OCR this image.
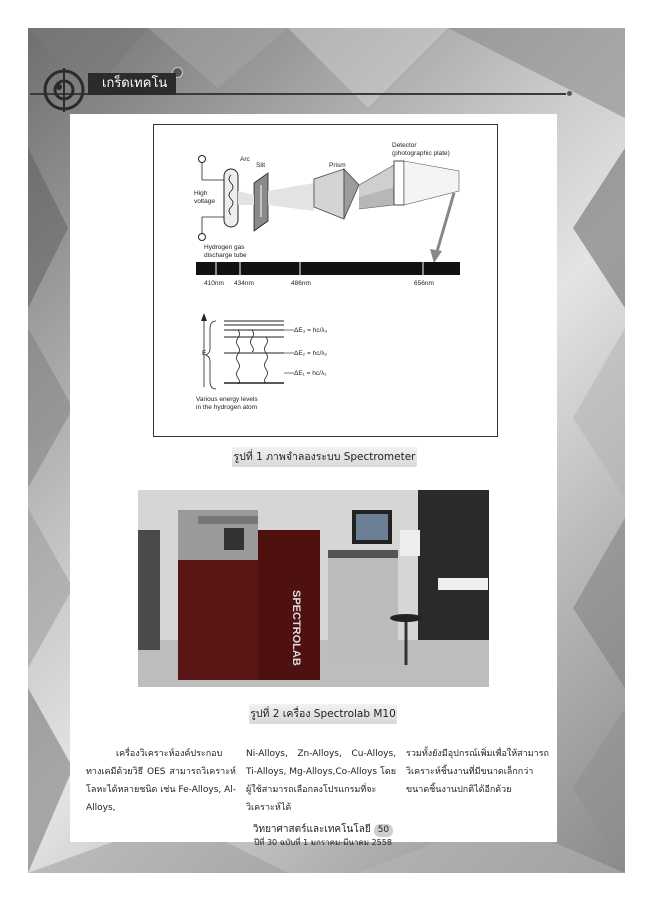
เกร็ดเทคโน
Arc
Slit	Prism
Detector
(photographic plate)
High
voltage
Hydrogen gas
discharge tube
410nm 434nm	486nm	656nm
E
ΔE₃ = hc/λ₃
ΔE₂ = hc/λ₂
ΔE₁ = hc/λ₁
Various energy levels
in the hydrogen atom
รูปที่ 1 ภาพจำลองระบบ Spectrometer
SPECTROLAB
รูปที่ 2 เครื่อง Spectrolab M10
เครื่องวิเคราะห์องค์ประกอบทางเคมีด้วยวิธี OES สามารถวิเคราะห์โลหะได้หลายชนิด เช่น Fe-Alloys, Al-Alloys,
Ni-Alloys, Zn-Alloys, Cu-Alloys, Ti-Alloys, Mg-Alloys,Co-Alloys โดยผู้ใช้สามารถเลือกลงโปรแกรมที่จะวิเคราะห์ได้
รวมทั้งยังมีอุปกรณ์เพิ่มเพื่อให้สามารถวิเคราะห์ชิ้นงานที่มีขนาดเล็กกว่าขนาดชิ้นงานปกติได้อีกด้วย
วิทยาศาสตร์และเทคโนโลยี 50
ปีที่ 30 ฉบับที่ 1 มกราคม-มีนาคม 2558
